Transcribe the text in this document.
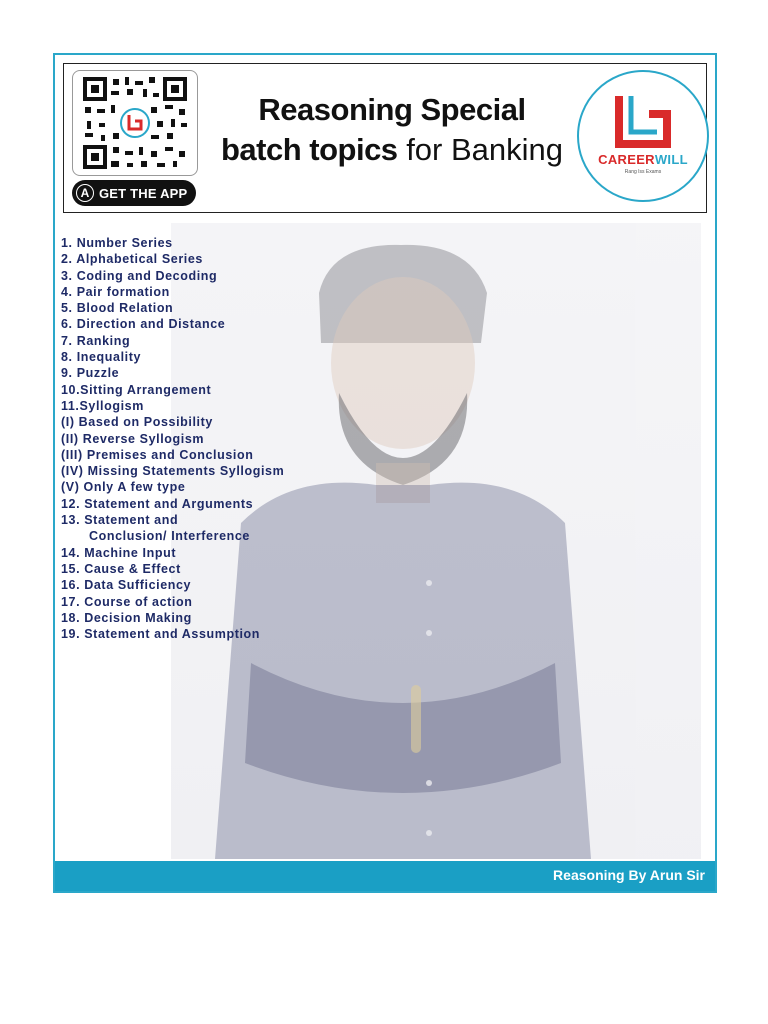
A GET THE APP
Reasoning Special
batch topics for Banking	CAREERWILL
Rang Iss Exams
1. Number Series
2. Alphabetical Series
3. Coding and Decoding
4. Pair formation
5. Blood Relation
6. Direction and Distance
7. Ranking
8. Inequality
9. Puzzle
10.Sitting Arrangement
11.Syllogism
(I) Based on Possibility
(II) Reverse Syllogism
(III) Premises and Conclusion
(IV) Missing Statements Syllogism
(V) Only A few type
12. Statement and Arguments
13. Statement and
Conclusion/ Interference
14. Machine Input
15. Cause & Effect
16. Data Sufficiency
17. Course of action
18. Decision Making
19. Statement and Assumption
Reasoning By Arun Sir
